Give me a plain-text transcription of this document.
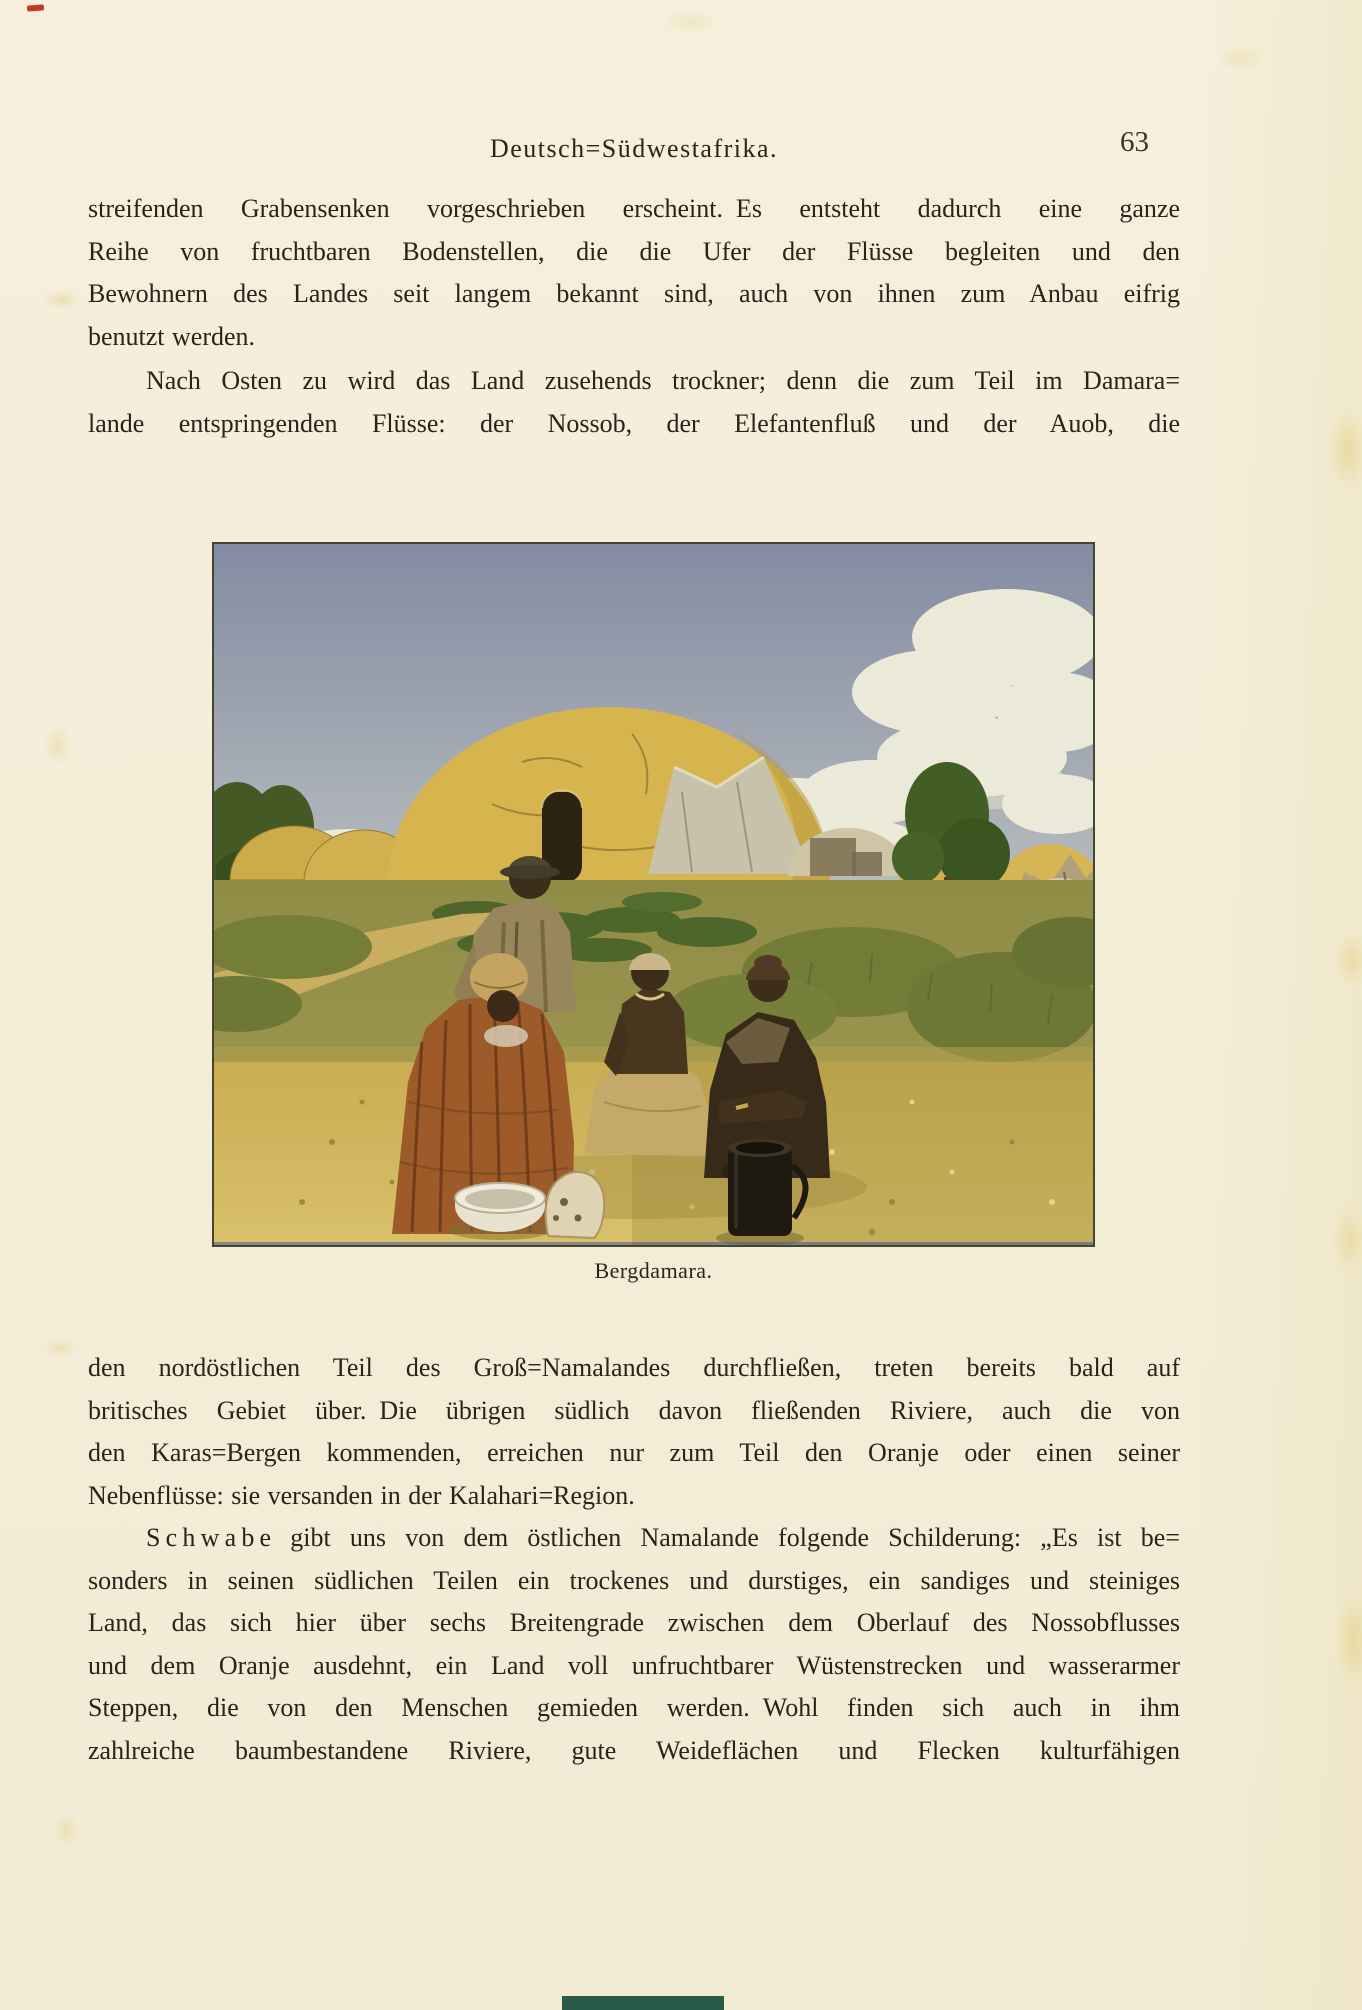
Deutsch=Südwestafrika.	63
streifenden Grabensenken vorgeschrieben erscheint. Es entsteht dadurch eine ganze
Reihe von fruchtbaren Bodenstellen, die die Ufer der Flüsse begleiten und den
Bewohnern des Landes seit langem bekannt sind, auch von ihnen zum Anbau eifrig
benutzt werden.
Nach Osten zu wird das Land zusehends trockner; denn die zum Teil im Damara=
lande entspringenden Flüsse: der Nossob, der Elefantenfluß und der Auob, die
Bergdamara.
den nordöstlichen Teil des Groß=Namalandes durchfließen, treten bereits bald auf
britisches Gebiet über. Die übrigen südlich davon fließenden Riviere, auch die von
den Karas=Bergen kommenden, erreichen nur zum Teil den Oranje oder einen seiner
Nebenflüsse: sie versanden in der Kalahari=Region.
S c h w a b e gibt uns von dem östlichen Namalande folgende Schilderung: „Es ist be=
sonders in seinen südlichen Teilen ein trockenes und durstiges, ein sandiges und steiniges
Land, das sich hier über sechs Breitengrade zwischen dem Oberlauf des Nossobflusses
und dem Oranje ausdehnt, ein Land voll unfruchtbarer Wüstenstrecken und wasserarmer
Steppen, die von den Menschen gemieden werden. Wohl finden sich auch in ihm
zahlreiche baumbestandene Riviere, gute Weideflächen und Flecken kulturfähigen
